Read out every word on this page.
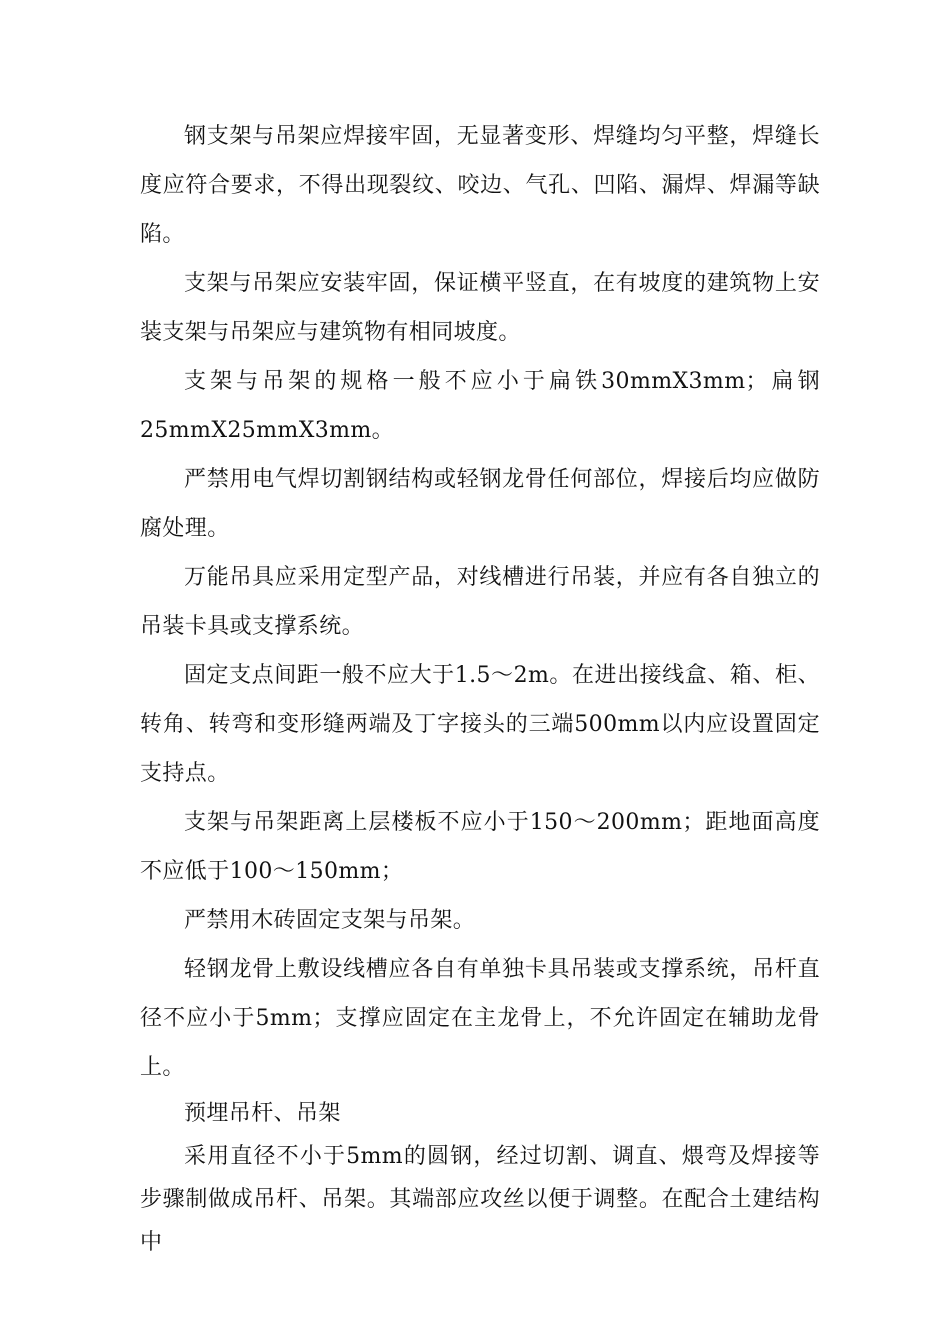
钢支架与吊架应焊接牢固，无显著变形、焊缝均匀平整，焊缝长度应符合要求，不得出现裂纹、咬边、气孔、凹陷、漏焊、焊漏等缺陷。

支架与吊架应安装牢固，保证横平竖直，在有坡度的建筑物上安装支架与吊架应与建筑物有相同坡度。

支架与吊架的规格一般不应小于扁铁30mmX3mm；扁钢25mmX25mmX3mm。

严禁用电气焊切割钢结构或轻钢龙骨任何部位，焊接后均应做防腐处理。

万能吊具应采用定型产品，对线槽进行吊装，并应有各自独立的吊装卡具或支撑系统。

固定支点间距一般不应大于1.5～2m。在进出接线盒、箱、柜、转角、转弯和变形缝两端及丁字接头的三端500mm以内应设置固定支持点。

支架与吊架距离上层楼板不应小于150～200mm；距地面高度不应低于100～150mm；

严禁用木砖固定支架与吊架。

轻钢龙骨上敷设线槽应各自有单独卡具吊装或支撑系统，吊杆直径不应小于5mm；支撑应固定在主龙骨上，不允许固定在辅助龙骨上。

预埋吊杆、吊架

采用直径不小于5mm的圆钢，经过切割、调直、煨弯及焊接等步骤制做成吊杆、吊架。其端部应攻丝以便于调整。在配合土建结构中
